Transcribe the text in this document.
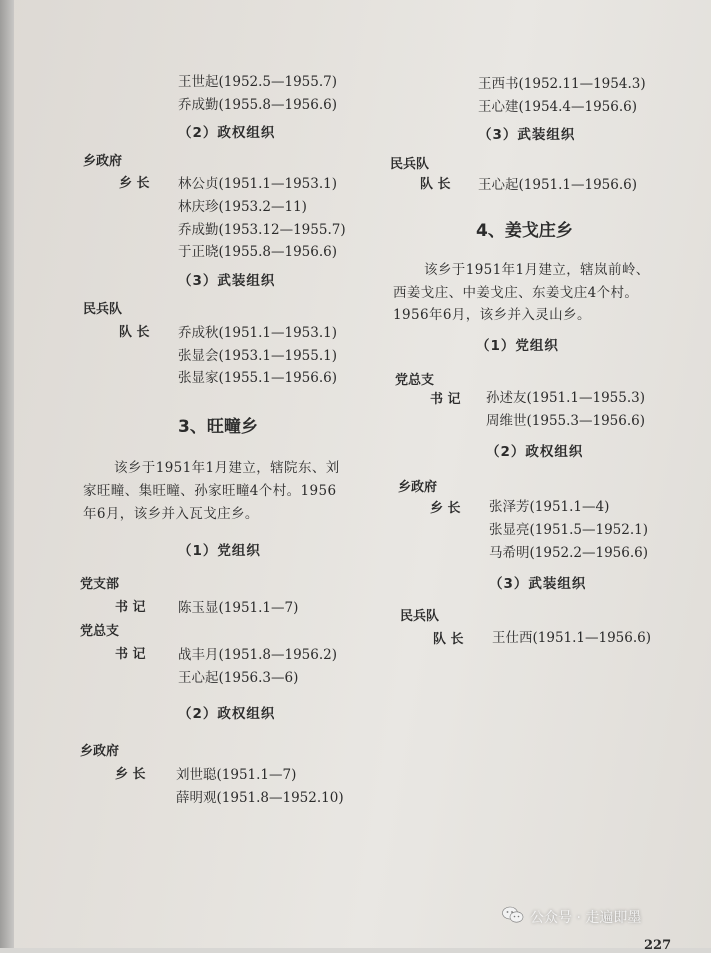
王世起(1952.5—1955.7)
乔成勤(1955.8—1956.6)
（2）政权组织
乡政府
乡 长 林公贞(1951.1—1953.1)
林庆珍(1953.2—11)
乔成勤(1953.12—1955.7)
于正晓(1955.8—1956.6)
（3）武装组织
民兵队
队 长 乔成秋(1951.1—1953.1)
张显会(1953.1—1955.1)
张显家(1955.1—1956.6)
3、旺疃乡
该乡于1951年1月建立，辖院东、刘
家旺疃、集旺疃、孙家旺疃4个村。1956
年6月，该乡并入瓦戈庄乡。
（1）党组织
党支部
书 记 陈玉显(1951.1—7)
党总支
书 记 战丰月(1951.8—1956.2)
王心起(1956.3—6)
（2）政权组织
乡政府
乡 长 刘世聪(1951.1—7)
薛明观(1951.8—1952.10)
王西书(1952.11—1954.3)
王心建(1954.4—1956.6)
（3）武装组织
民兵队
队 长 王心起(1951.1—1956.6)
4、姜戈庄乡
该乡于1951年1月建立，辖岚前岭、
西姜戈庄、中姜戈庄、东姜戈庄4个村。
1956年6月，该乡并入灵山乡。
（1）党组织
党总支
书 记 孙述友(1951.1—1955.3)
周维世(1955.3—1956.6)
（2）政权组织
乡政府
乡 长 张泽芳(1951.1—4)
张显亮(1951.5—1952.1)
马希明(1952.2—1956.6)
（3）武装组织
民兵队
队 长 王仕西(1951.1—1956.6)
227
公众号 · 走遍即墨
